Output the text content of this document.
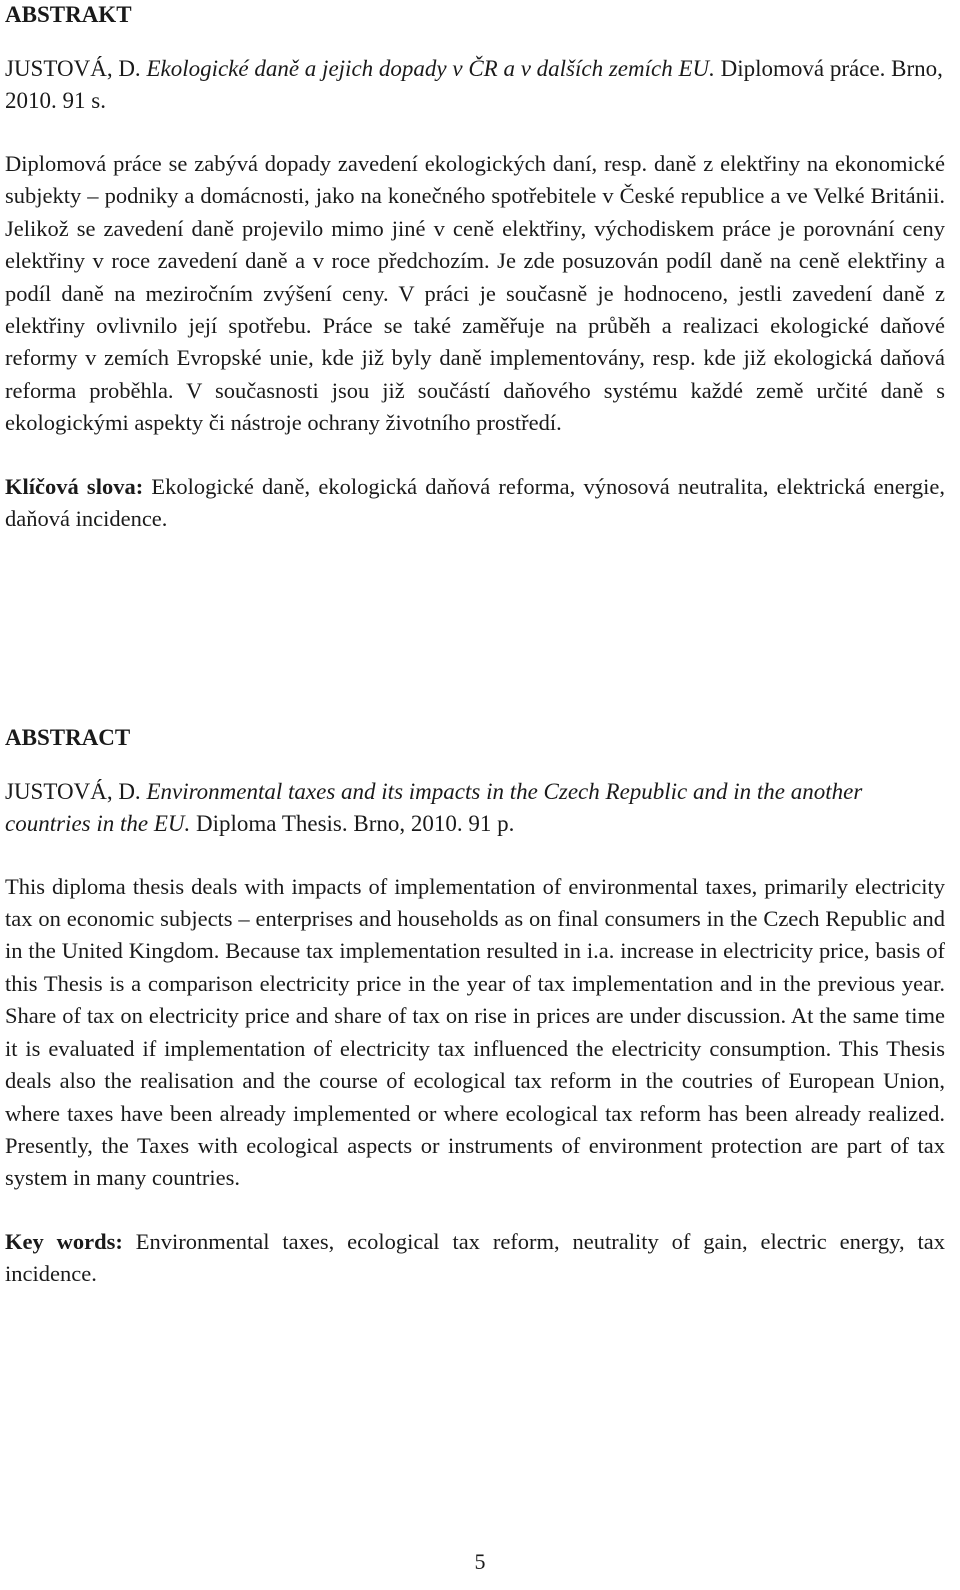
ABSTRAKT

JUSTOVÁ, D. Ekologické daně a jejich dopady v ČR a v dalších zemích EU. Diplomová práce. Brno, 2010. 91 s.

Diplomová práce se zabývá dopady zavedení ekologických daní, resp. daně z elektřiny na ekonomické subjekty – podniky a domácnosti, jako na konečného spotřebitele v České republice a ve Velké Británii. Jelikož se zavedení daně projevilo mimo jiné v ceně elektřiny, východiskem práce je porovnání ceny elektřiny v roce zavedení daně a v roce předchozím. Je zde posuzován podíl daně na ceně elektřiny a podíl daně na meziročním zvýšení ceny. V práci je současně je hodnoceno, jestli zavedení daně z elektřiny ovlivnilo její spotřebu. Práce se také zaměřuje na průběh a realizaci ekologické daňové reformy v zemích Evropské unie, kde již byly daně implementovány, resp. kde již ekologická daňová reforma proběhla. V současnosti jsou již součástí daňového systému každé země určité daně s ekologickými aspekty či nástroje ochrany životního prostředí.

Klíčová slova: Ekologické daně, ekologická daňová reforma, výnosová neutralita, elektrická energie, daňová incidence.

ABSTRACT

JUSTOVÁ, D. Environmental taxes and its impacts in the Czech Republic and in the another countries in the EU. Diploma Thesis. Brno, 2010. 91 p.

This diploma thesis deals with impacts of implementation of environmental taxes, primarily electricity tax on economic subjects – enterprises and households as on final consumers in the Czech Republic and in the United Kingdom. Because tax implementation resulted in i.a. increase in electricity price, basis of this Thesis is a comparison electricity price in the year of tax implementation and in the previous year. Share of tax on electricity price and share of tax on rise in prices are under discussion. At the same time it is evaluated if implementation of electricity tax influenced the electricity consumption. This Thesis deals also the realisation and the course of ecological tax reform in the coutries of European Union, where taxes have been already implemented or where ecological tax reform has been already realized. Presently, the Taxes with ecological aspects or instruments of environment protection are part of tax system in many countries.

Key words: Environmental taxes, ecological tax reform, neutrality of gain, electric energy, tax incidence.

5
